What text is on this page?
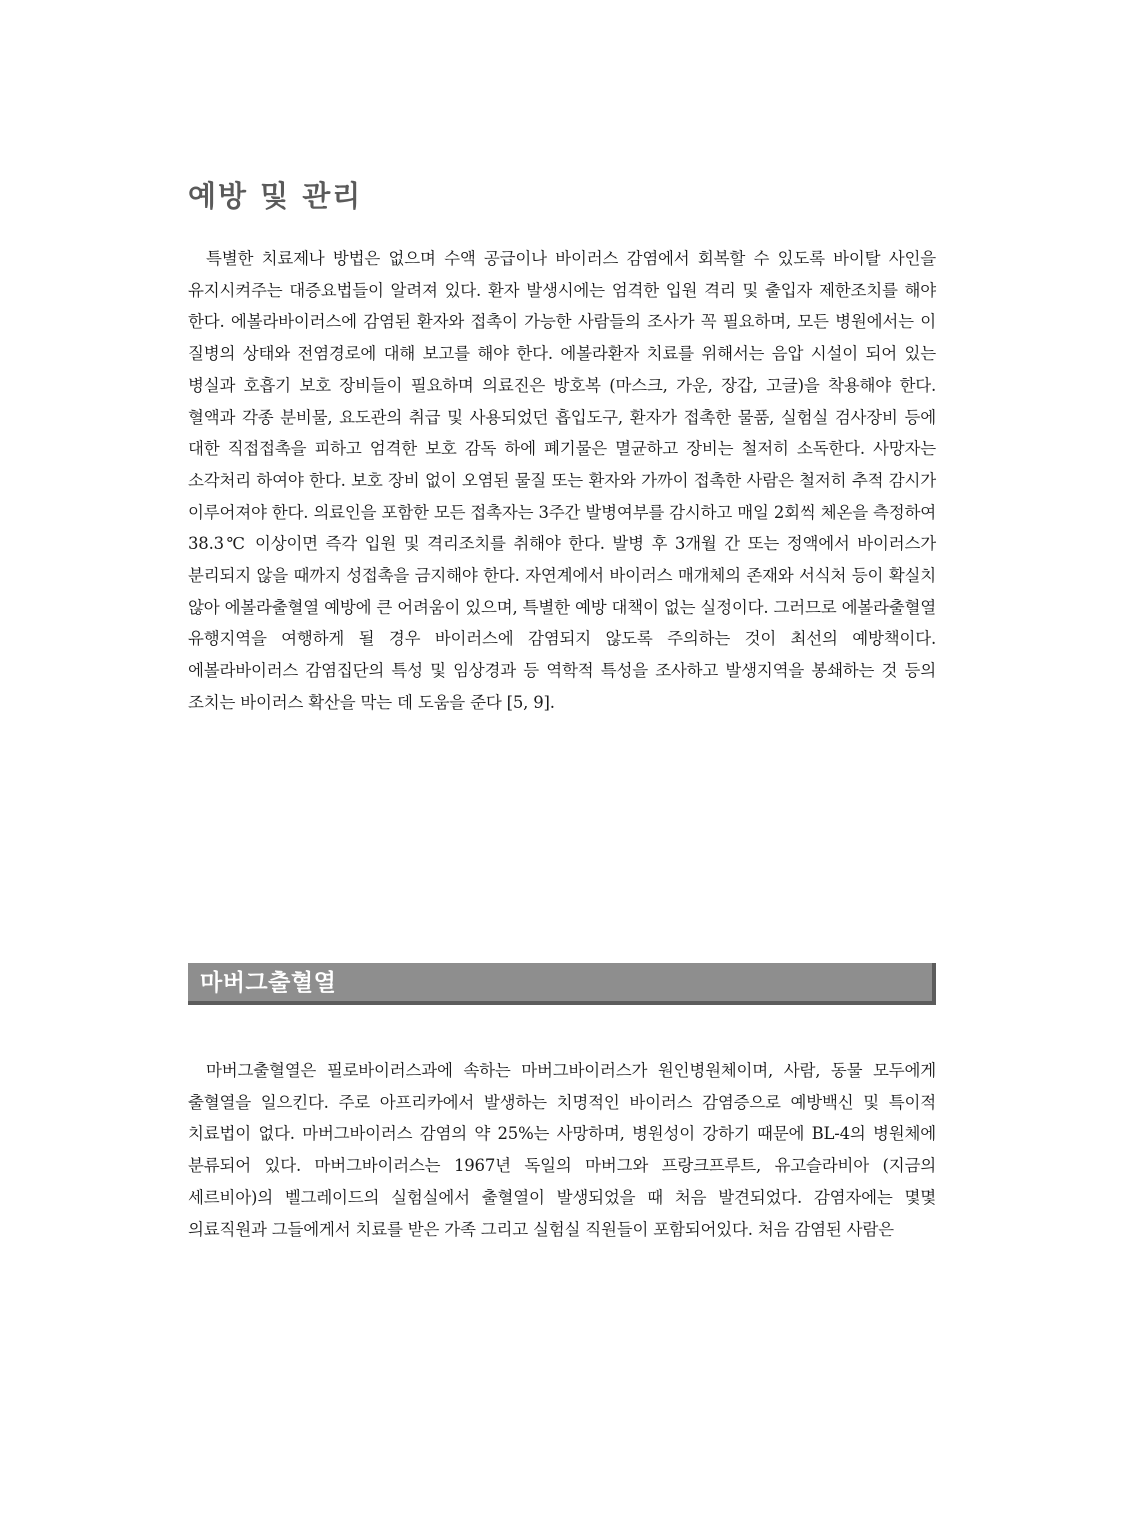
예방 및 관리

특별한 치료제나 방법은 없으며 수액 공급이나 바이러스 감염에서 회복할 수 있도록 바이탈 사인을 유지시켜주는 대증요법들이 알려져 있다. 환자 발생시에는 엄격한 입원 격리 및 출입자 제한조치를 해야 한다. 에볼라바이러스에 감염된 환자와 접촉이 가능한 사람들의 조사가 꼭 필요하며, 모든 병원에서는 이 질병의 상태와 전염경로에 대해 보고를 해야 한다. 에볼라환자 치료를 위해서는 음압 시설이 되어 있는 병실과 호흡기 보호 장비들이 필요하며 의료진은 방호복 (마스크, 가운, 장갑, 고글)을 착용해야 한다. 혈액과 각종 분비물, 요도관의 취급 및 사용되었던 흡입도구, 환자가 접촉한 물품, 실험실 검사장비 등에 대한 직접접촉을 피하고 엄격한 보호 감독 하에 폐기물은 멸균하고 장비는 철저히 소독한다. 사망자는 소각처리 하여야 한다. 보호 장비 없이 오염된 물질 또는 환자와 가까이 접촉한 사람은 철저히 추적 감시가 이루어져야 한다. 의료인을 포함한 모든 접촉자는 3주간 발병여부를 감시하고 매일 2회씩 체온을 측정하여 38.3℃ 이상이면 즉각 입원 및 격리조치를 취해야 한다. 발병 후 3개월 간 또는 정액에서 바이러스가 분리되지 않을 때까지 성접촉을 금지해야 한다. 자연계에서 바이러스 매개체의 존재와 서식처 등이 확실치 않아 에볼라출혈열 예방에 큰 어려움이 있으며, 특별한 예방 대책이 없는 실정이다. 그러므로 에볼라출혈열 유행지역을 여행하게 될 경우 바이러스에 감염되지 않도록 주의하는 것이 최선의 예방책이다. 에볼라바이러스 감염집단의 특성 및 임상경과 등 역학적 특성을 조사하고 발생지역을 봉쇄하는 것 등의 조치는 바이러스 확산을 막는 데 도움을 준다 [5, 9].

마버그출혈열

마버그출혈열은 필로바이러스과에 속하는 마버그바이러스가 원인병원체이며, 사람, 동물 모두에게 출혈열을 일으킨다. 주로 아프리카에서 발생하는 치명적인 바이러스 감염증으로 예방백신 및 특이적 치료법이 없다. 마버그바이러스 감염의 약 25%는 사망하며, 병원성이 강하기 때문에 BL-4의 병원체에 분류되어 있다. 마버그바이러스는 1967년 독일의 마버그와 프랑크프루트, 유고슬라비아 (지금의 세르비아)의 벨그레이드의 실험실에서 출혈열이 발생되었을 때 처음 발견되었다. 감염자에는 몇몇 의료직원과 그들에게서 치료를 받은 가족 그리고 실험실 직원들이 포함되어있다. 처음 감염된 사람은
